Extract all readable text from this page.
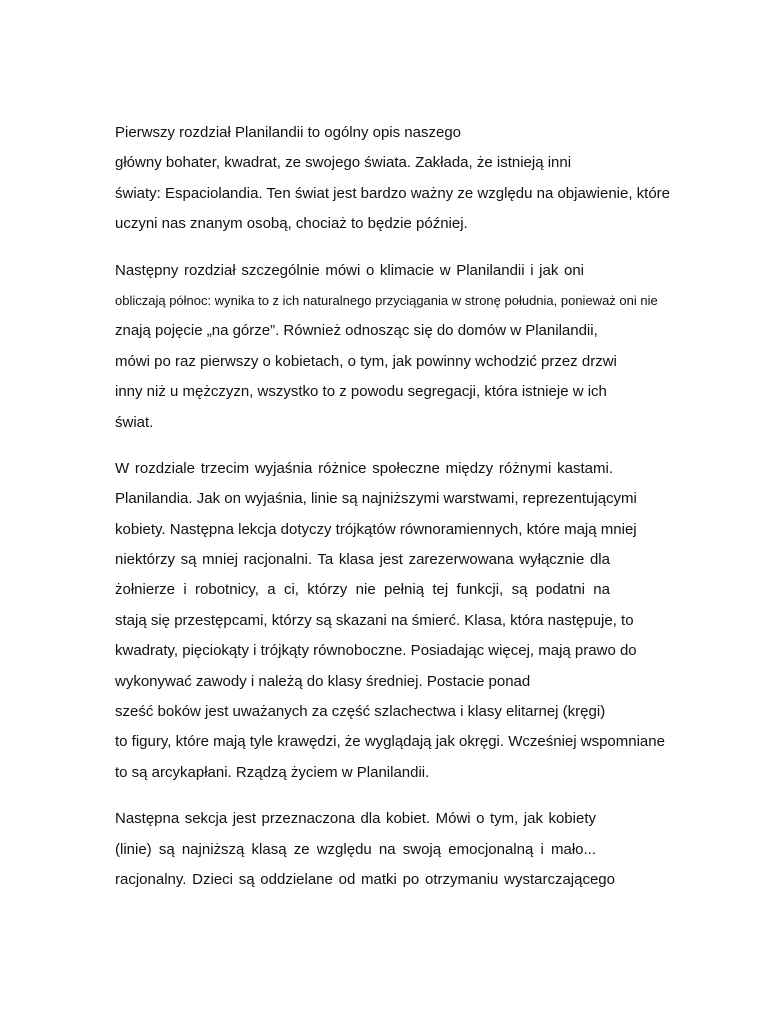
Pierwszy rozdział Planilandii to ogólny opis naszego
główny bohater, kwadrat, ze swojego świata. Zakłada, że istnieją inni
światy: Espaciolandia. Ten świat jest bardzo ważny ze względu na objawienie, które
uczyni nas znanym osobą, chociaż to będzie później.
Następny rozdział szczególnie mówi o klimacie w Planilandii i jak oni
obliczają północ: wynika to z ich naturalnego przyciągania w stronę południa, ponieważ oni nie
znają pojęcie „na górze”. Również odnosząc się do domów w Planilandii,
mówi po raz pierwszy o kobietach, o tym, jak powinny wchodzić przez drzwi
inny niż u mężczyzn, wszystko to z powodu segregacji, która istnieje w ich
świat.
W rozdziale trzecim wyjaśnia różnice społeczne między różnymi kastami.
Planilandia. Jak on wyjaśnia, linie są najniższymi warstwami, reprezentującymi
kobiety. Następna lekcja dotyczy trójkątów równoramiennych, które mają mniej
niektórzy są mniej racjonalni. Ta klasa jest zarezerwowana wyłącznie dla
żołnierze i robotnicy, a ci, którzy nie pełnią tej funkcji, są podatni na
stają się przestępcami, którzy są skazani na śmierć. Klasa, która następuje, to
kwadraty, pięciokąty i trójkąty równoboczne. Posiadając więcej, mają prawo do
wykonywać zawody i należą do klasy średniej. Postacie ponad
sześć boków jest uważanych za część szlachectwa i klasy elitarnej (kręgi)
to figury, które mają tyle krawędzi, że wyglądają jak okręgi. Wcześniej wspomniane
to są arcykapłani. Rządzą życiem w Planilandii.
Następna sekcja jest przeznaczona dla kobiet. Mówi o tym, jak kobiety
(linie) są najniższą klasą ze względu na swoją emocjonalną i mało...
racjonalny. Dzieci są oddzielane od matki po otrzymaniu wystarczającego
